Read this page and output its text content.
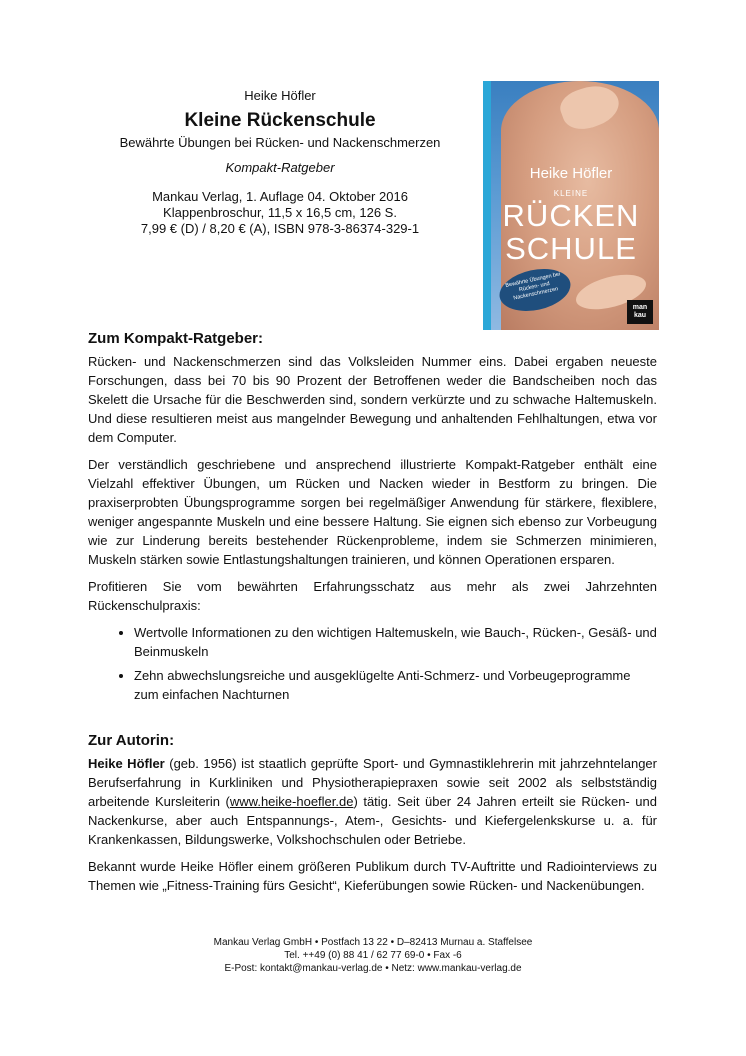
Heike Höfler
Kleine Rückenschule
Bewährte Übungen bei Rücken- und Nackenschmerzen
Kompakt-Ratgeber
Mankau Verlag, 1. Auflage 04. Oktober 2016
Klappenbroschur, 11,5 x 16,5 cm, 126 S.
7,99 € (D) / 8,20 € (A), ISBN 978-3-86374-329-1
Heike Höfler
KLEINE
RÜCKEN
SCHULE
Bewährte Übungen bei Rücken- und Nackenschmerzen
man
kau
Zum Kompakt-Ratgeber:

Rücken- und Nackenschmerzen sind das Volksleiden Nummer eins. Dabei ergaben neueste Forschungen, dass bei 70 bis 90 Prozent der Betroffenen weder die Bandscheiben noch das Skelett die Ursache für die Beschwerden sind, sondern verkürzte und zu schwache Haltemuskeln. Und diese resultieren meist aus mangelnder Bewegung und anhaltenden Fehlhaltungen, etwa vor dem Computer.

Der verständlich geschriebene und ansprechend illustrierte Kompakt-Ratgeber enthält eine Vielzahl effektiver Übungen, um Rücken und Nacken wieder in Bestform zu bringen. Die praxiserprobten Übungsprogramme sorgen bei regelmäßiger Anwendung für stärkere, flexiblere, weniger angespannte Muskeln und eine bessere Haltung. Sie eignen sich ebenso zur Vorbeugung wie zur Linderung bereits bestehender Rückenprobleme, indem sie Schmerzen minimieren, Muskeln stärken sowie Entlastungshaltungen trainieren, und können Operationen ersparen.

Profitieren Sie vom bewährten Erfahrungsschatz aus mehr als zwei Jahrzehnten Rückenschulpraxis:

• Wertvolle Informationen zu den wichtigen Haltemuskeln, wie Bauch-, Rücken-, Gesäß- und Beinmuskeln
• Zehn abwechslungsreiche und ausgeklügelte Anti-Schmerz- und Vorbeugeprogramme zum einfachen Nachturnen
Zur Autorin:

Heike Höfler (geb. 1956) ist staatlich geprüfte Sport- und Gymnastiklehrerin mit jahrzehntelanger Berufserfahrung in Kurkliniken und Physiotherapiepraxen sowie seit 2002 als selbstständig arbeitende Kursleiterin (www.heike-hoefler.de) tätig. Seit über 24 Jahren erteilt sie Rücken- und Nackenkurse, aber auch Entspannungs-, Atem-, Gesichts- und Kiefergelenkskurse u. a. für Krankenkassen, Bildungswerke, Volkshochschulen oder Betriebe.

Bekannt wurde Heike Höfler einem größeren Publikum durch TV-Auftritte und Radiointerviews zu Themen wie „Fitness-Training fürs Gesicht“, Kieferübungen sowie Rücken- und Nackenübungen.

Mankau Verlag GmbH • Postfach 13 22 • D–82413 Murnau a. Staffelsee
Tel. ++49 (0) 88 41 / 62 77 69-0 • Fax -6
E-Post: kontakt@mankau-verlag.de • Netz: www.mankau-verlag.de
